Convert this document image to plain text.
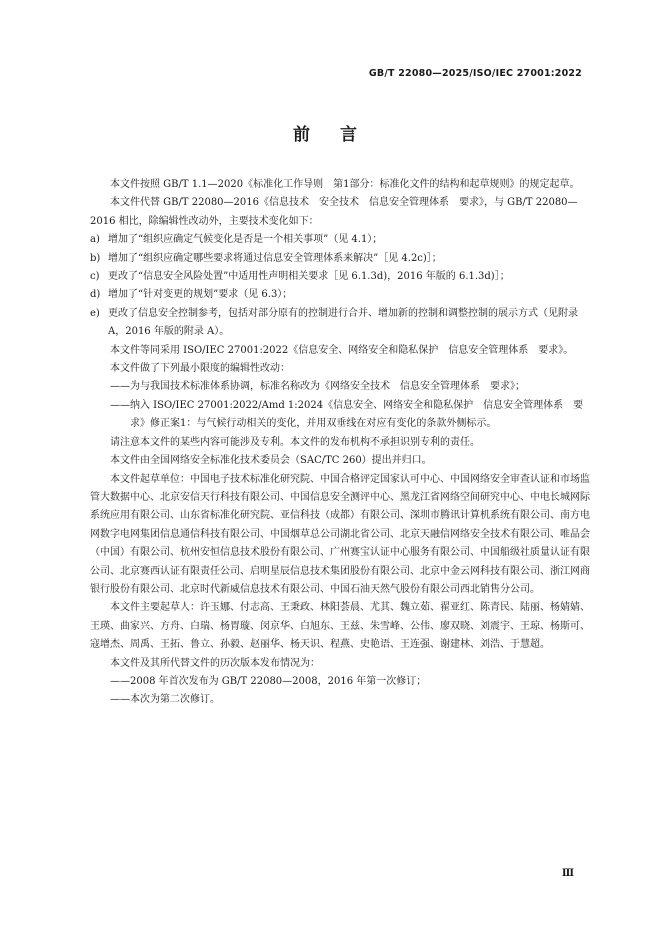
GB/T 22080—2025/ISO/IEC 27001:2022
前 言

本文件按照 GB/T 1.1—2020《标准化工作导则　第1部分：标准化文件的结构和起草规则》的规定起草。

本文件代替 GB/T 22080—2016《信息技术　安全技术　信息安全管理体系　要求》，与 GB/T 22080—2016 相比，除编辑性改动外，主要技术变化如下：

a) 增加了“组织应确定气候变化是否是一个相关事项”（见 4.1）；
b) 增加了“组织应确定哪些要求将通过信息安全管理体系来解决”［见 4.2c)］；
c) 更改了“信息安全风险处置”中适用性声明相关要求［见 6.1.3d)，2016 年版的 6.1.3d)］；
d) 增加了“针对变更的规划”要求（见 6.3）；
e) 更改了信息安全控制参考，包括对部分原有的控制进行合并、增加新的控制和调整控制的展示方式（见附录 A，2016 年版的附录 A）。

本文件等同采用 ISO/IEC 27001:2022《信息安全、网络安全和隐私保护　信息安全管理体系　要求》。

本文件做了下列最小限度的编辑性改动：

—— 为与我国技术标准体系协调，标准名称改为《网络安全技术　信息安全管理体系　要求》；
—— 纳入 ISO/IEC 27001:2022/Amd 1:2024《信息安全、网络安全和隐私保护　信息安全管理体系　要求》修正案1：与气候行动相关的变化，并用双垂线在对应有变化的条款外侧标示。

请注意本文件的某些内容可能涉及专利。本文件的发布机构不承担识别专利的责任。

本文件由全国网络安全标准化技术委员会（SAC/TC 260）提出并归口。

本文件起草单位：中国电子技术标准化研究院、中国合格评定国家认可中心、中国网络安全审查认证和市场监管大数据中心、北京安信天行科技有限公司、中国信息安全测评中心、黑龙江省网络空间研究中心、中电长城网际系统应用有限公司、山东省标准化研究院、亚信科技（成都）有限公司、深圳市腾讯计算机系统有限公司、南方电网数字电网集团信息通信科技有限公司、中国烟草总公司湖北省公司、北京天融信网络安全技术有限公司、唯品会（中国）有限公司、杭州安恒信息技术股份有限公司、广州赛宝认证中心服务有限公司、中国船级社质量认证有限公司、北京赛西认证有限责任公司、启明星辰信息技术集团股份有限公司、北京中金云网科技有限公司、浙江网商银行股份有限公司、北京时代新威信息技术有限公司、中国石油天然气股份有限公司西北销售分公司。

本文件主要起草人：许玉娜、付志高、王秉政、林阳荟晨、尤其、魏立茹、翟亚红、陈青民、陆丽、杨婧婧、王瑛、曲家兴、方舟、白瑞、杨胃璇、闵京华、白旭东、王兹、朱雪峰、公伟、廖双晓、刘震宇、王琼、杨斯可、寇增杰、周禹、王拓、鲁立、孙毅、赵丽华、杨天识、程燕、史艳语、王连强、谢建林、刘浩、于慧超。

本文件及其所代替文件的历次版本发布情况为：

—— 2008 年首次发布为 GB/T 22080—2008，2016 年第一次修订；
—— 本次为第二次修订。
Ⅲ
